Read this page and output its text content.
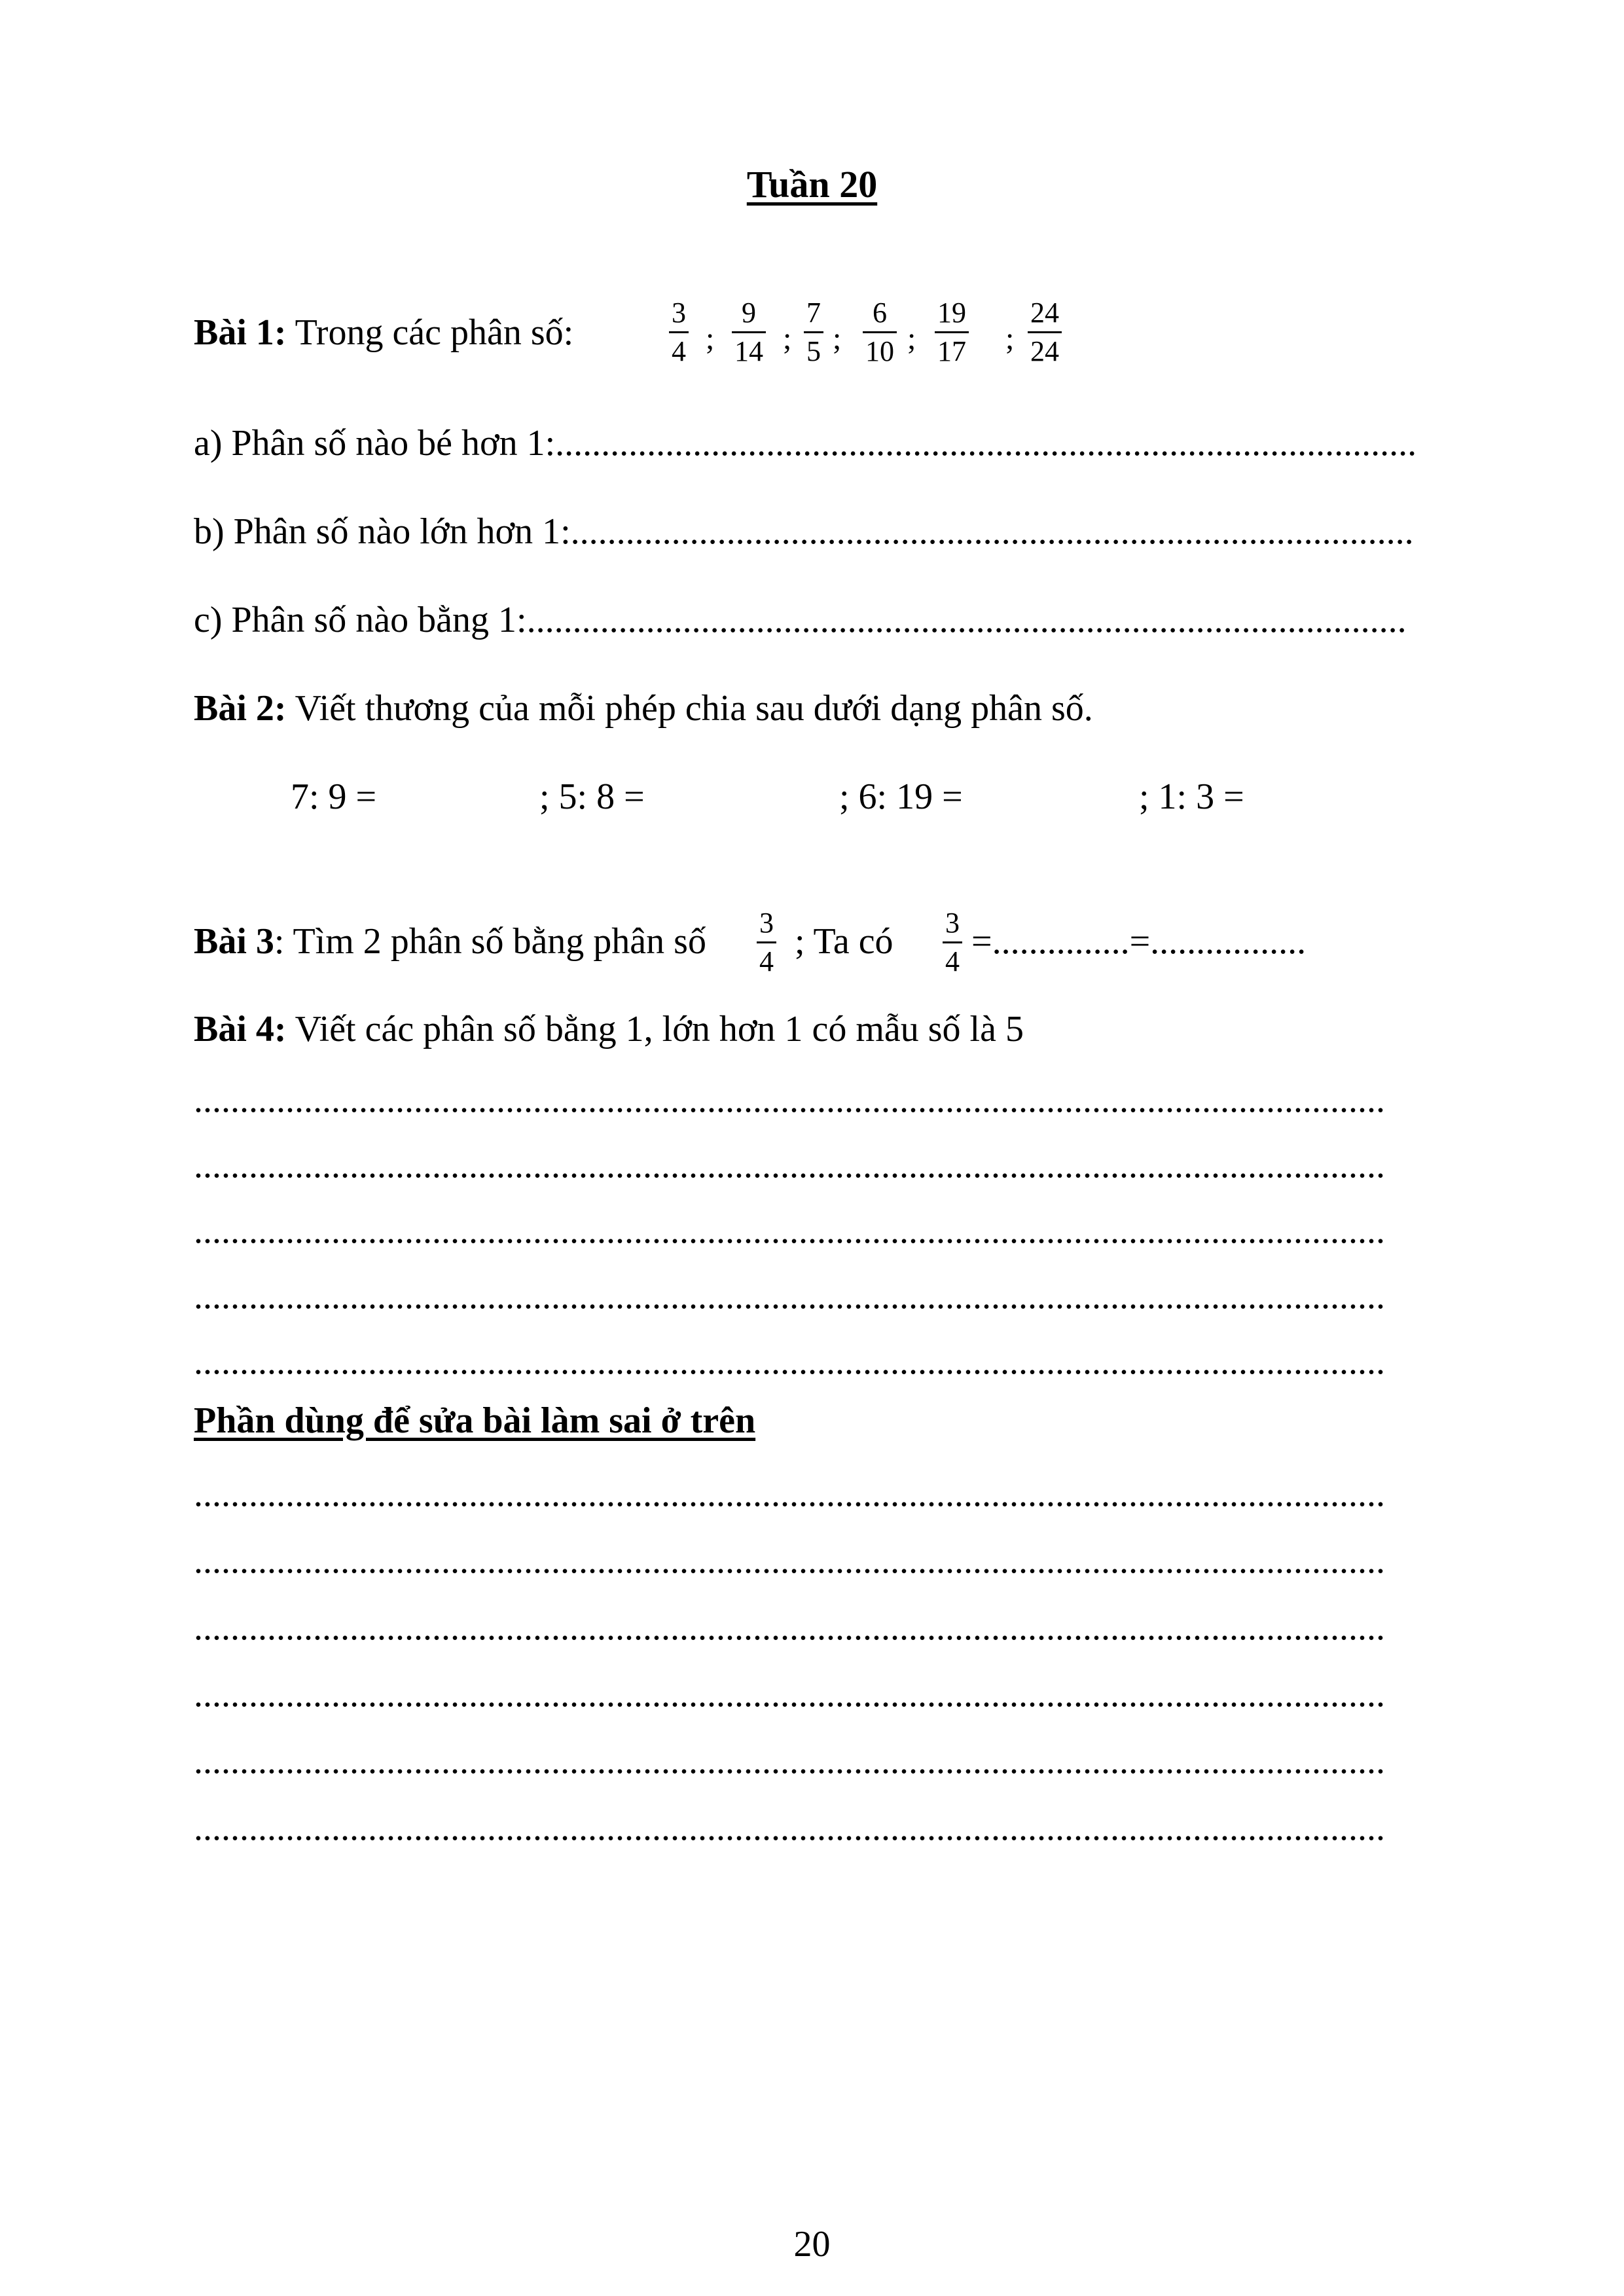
Tuần 20
Bài 1: Trong các phân số:	3
4 ;
9
14 ;
7
5 ;
6
10 ;
19
17 ;
24
24
a) Phân số nào bé hơn 1:..............................................................................................
b) Phân số nào lớn hơn 1:............................................................................................
c) Phân số nào bằng 1:................................................................................................
Bài 2: Viết thương của mỗi phép chia sau dưới dạng phân số.
7: 9 =	; 5: 8 =	; 6: 19 =	; 1: 3 =
Bài 3: Tìm 2 phân số bằng phân số 3
4 ; Ta có 3
4 =...............=.................
Bài 4: Viết các phân số bằng 1, lớn hơn 1 có mẫu số là 5
..................................................................................................................................
..................................................................................................................................
..................................................................................................................................
..................................................................................................................................
..................................................................................................................................
Phần dùng để sửa bài làm sai ở trên
..................................................................................................................................
..................................................................................................................................
..................................................................................................................................
..................................................................................................................................
..................................................................................................................................
..................................................................................................................................
20
